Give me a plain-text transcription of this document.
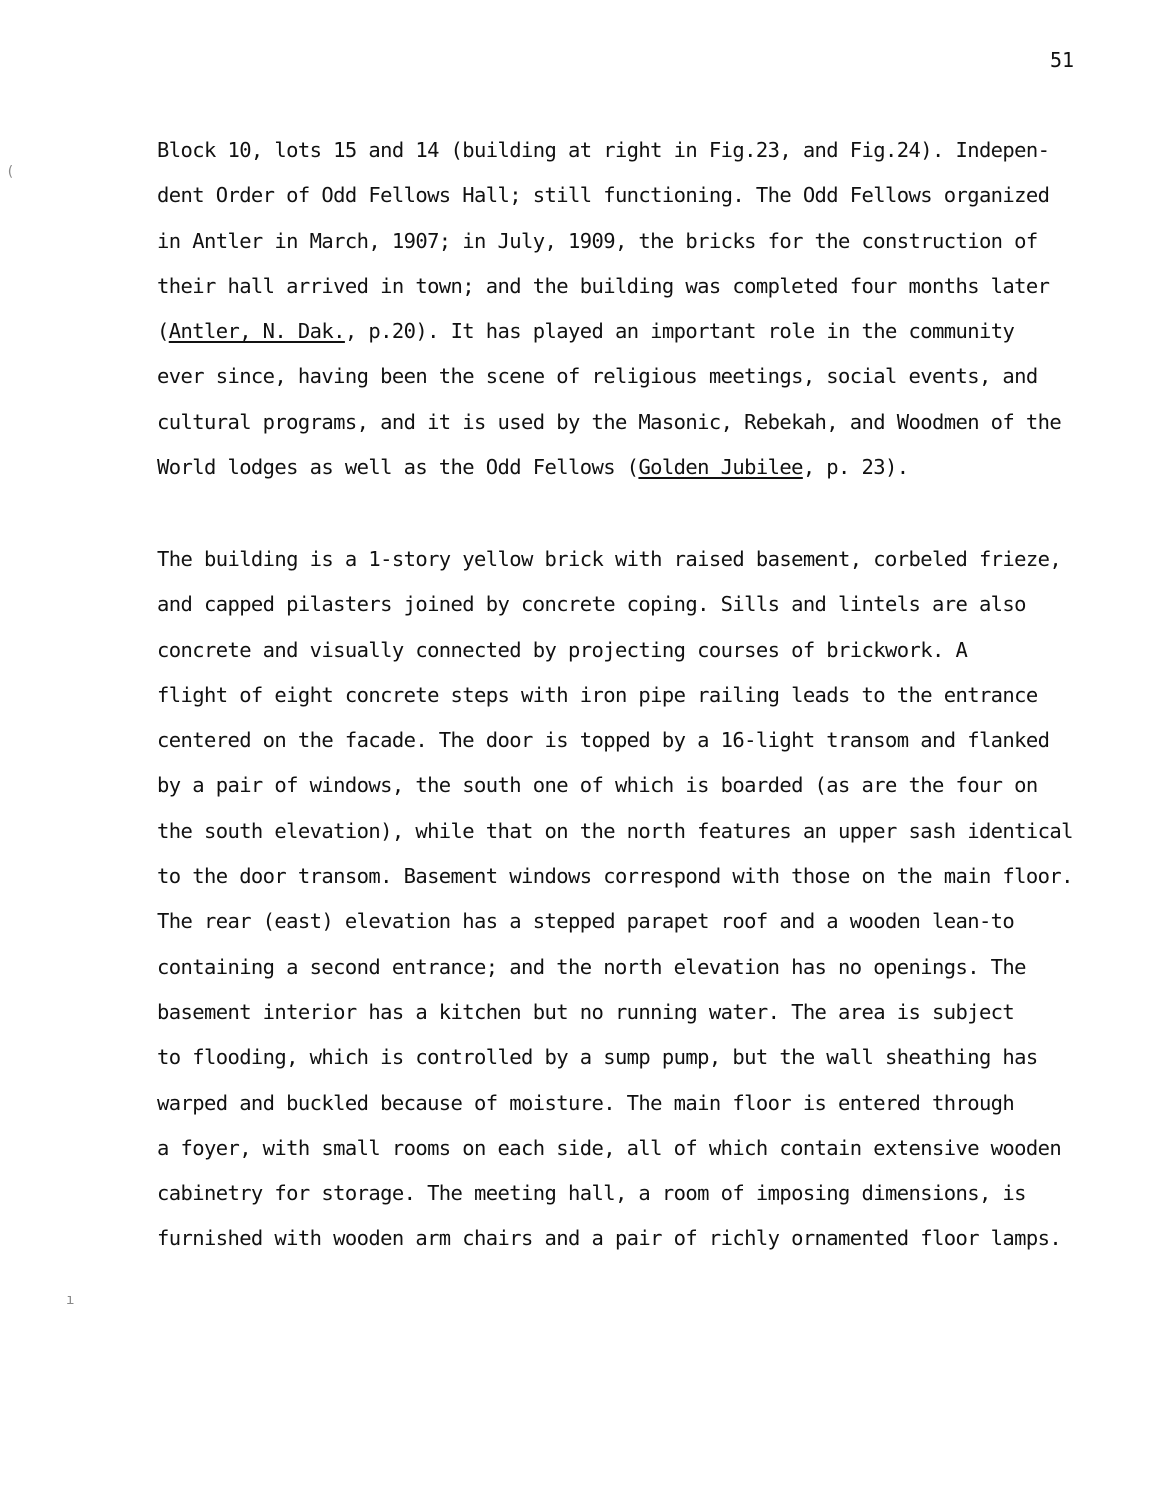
51
(
ı

Block 10, lots 15 and 14 (building at right in Fig.23, and Fig.24). Indepen-
dent Order of Odd Fellows Hall; still functioning. The Odd Fellows organized
in Antler in March, 1907; in July, 1909, the bricks for the construction of
their hall arrived in town; and the building was completed four months later
(Antler, N. Dak., p.20). It has played an important role in the community
ever since, having been the scene of religious meetings, social events, and
cultural programs, and it is used by the Masonic, Rebekah, and Woodmen of the
World lodges as well as the Odd Fellows (Golden Jubilee, p. 23).

The building is a 1-story yellow brick with raised basement, corbeled frieze,
and capped pilasters joined by concrete coping. Sills and lintels are also
concrete and visually connected by projecting courses of brickwork. A
flight of eight concrete steps with iron pipe railing leads to the entrance
centered on the facade. The door is topped by a 16-light transom and flanked
by a pair of windows, the south one of which is boarded (as are the four on
the south elevation), while that on the north features an upper sash identical
to the door transom. Basement windows correspond with those on the main floor.
The rear (east) elevation has a stepped parapet roof and a wooden lean-to
containing a second entrance; and the north elevation has no openings. The
basement interior has a kitchen but no running water. The area is subject
to flooding, which is controlled by a sump pump, but the wall sheathing has
warped and buckled because of moisture. The main floor is entered through
a foyer, with small rooms on each side, all of which contain extensive wooden
cabinetry for storage. The meeting hall, a room of imposing dimensions, is
furnished with wooden arm chairs and a pair of richly ornamented floor lamps.
